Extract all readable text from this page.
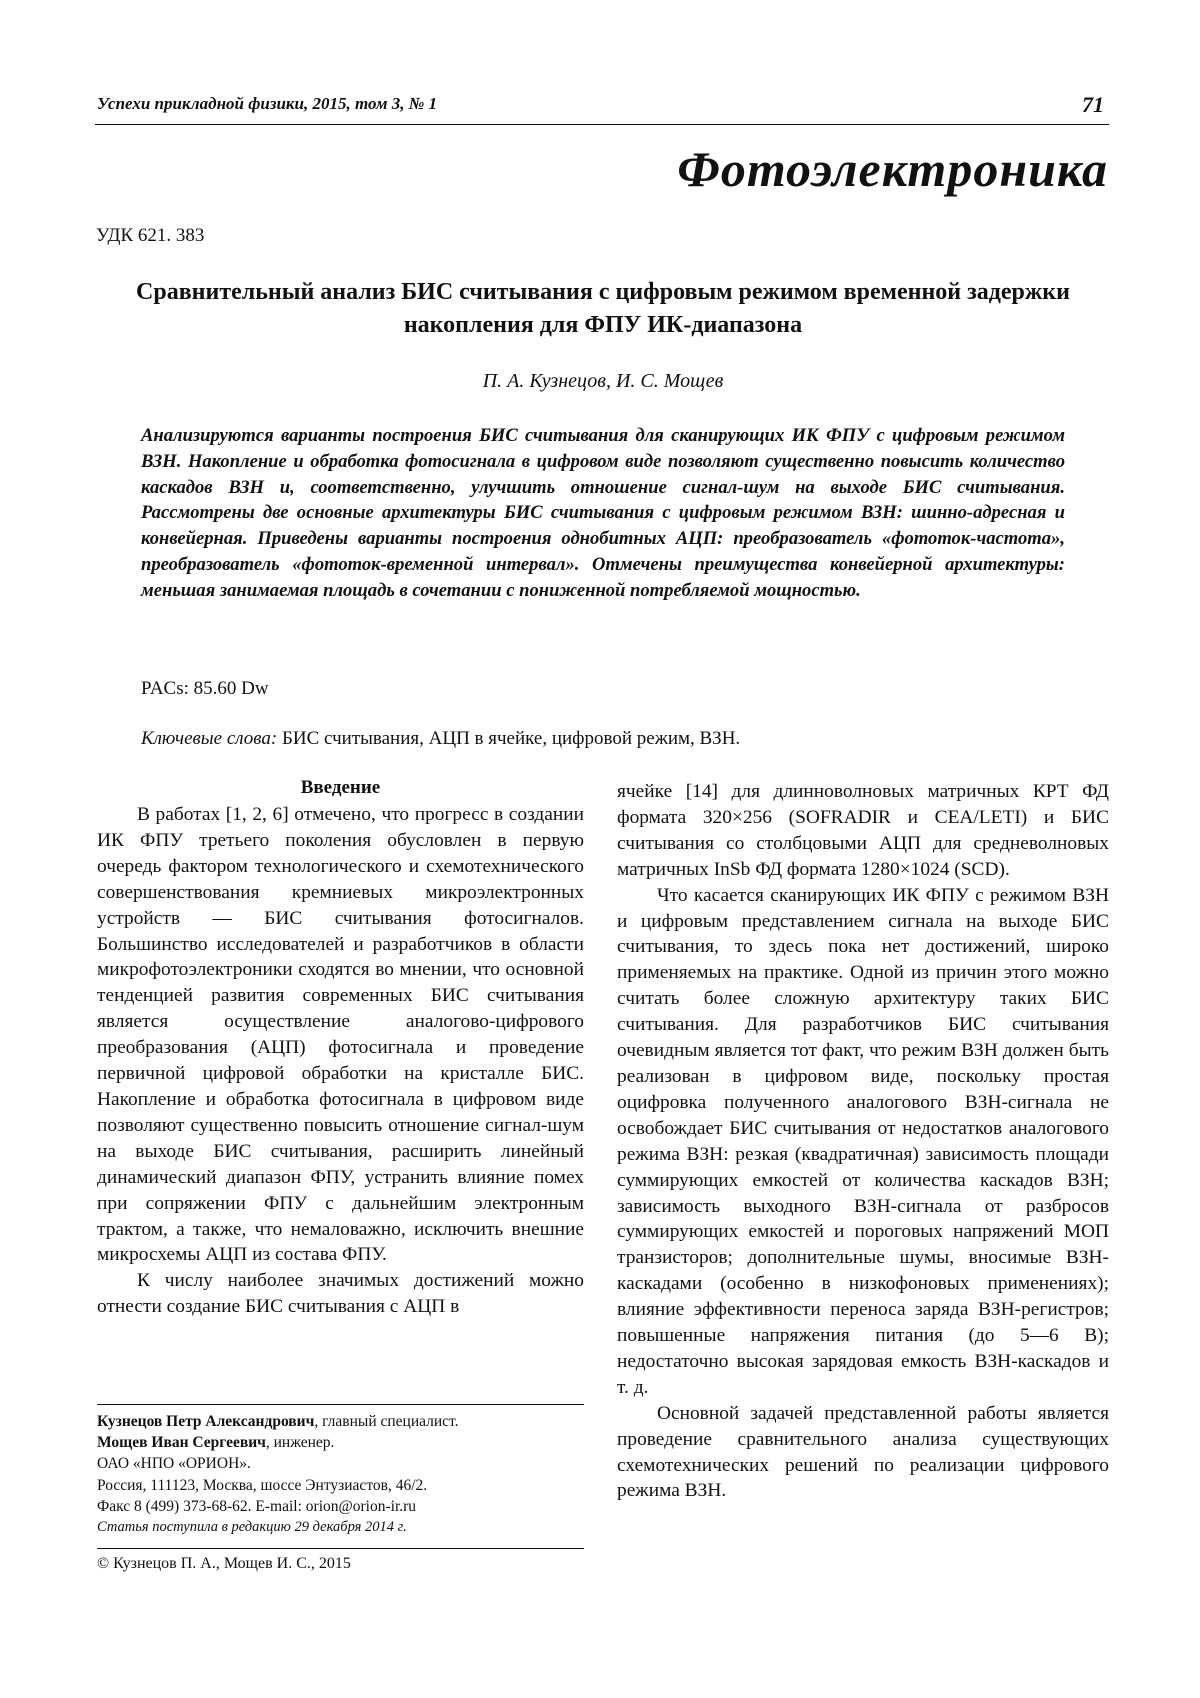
Успехи прикладной физики, 2015, том 3, № 1	71
Фотоэлектроника
УДК 621. 383
Сравнительный анализ БИС считывания с цифровым режимом временной задержки накопления для ФПУ ИК-диапазона
П. А. Кузнецов, И. С. Мощев
Анализируются варианты построения БИС считывания для сканирующих ИК ФПУ с цифровым режимом ВЗН. Накопление и обработка фотосигнала в цифровом виде позволяют существенно повысить количество каскадов ВЗН и, соответственно, улучшить отношение сигнал-шум на выходе БИС считывания. Рассмотрены две основные архитектуры БИС считывания с цифровым режимом ВЗН: шинно-адресная и конвейерная. Приведены варианты построения однобитных АЦП: преобразователь «фототок-частота», преобразователь «фототок-временной интервал». Отмечены преимущества конвейерной архитектуры: меньшая занимаемая площадь в сочетании с пониженной потребляемой мощностью.
PACs: 85.60 Dw
Ключевые слова: БИС считывания, АЦП в ячейке, цифровой режим, ВЗН.
Введение

В работах [1, 2, 6] отмечено, что прогресс в создании ИК ФПУ третьего поколения обусловлен в первую очередь фактором технологического и схемотехнического совершенствования кремниевых микроэлектронных устройств — БИС считывания фотосигналов. Большинство исследователей и разработчиков в области микрофотоэлектроники сходятся во мнении, что основной тенденцией развития современных БИС считывания является осуществление аналогово-цифрового преобразования (АЦП) фотосигнала и проведение первичной цифровой обработки на кристалле БИС. Накопление и обработка фотосигнала в цифровом виде позволяют существенно повысить отношение сигнал-шум на выходе БИС считывания, расширить линейный динамический диапазон ФПУ, устранить влияние помех при сопряжении ФПУ с дальнейшим электронным трактом, а также, что немаловажно, исключить внешние микросхемы АЦП из состава ФПУ.

К числу наиболее значимых достижений можно отнести создание БИС считывания с АЦП в

ячейке [14] для длинноволновых матричных КРТ ФД формата 320×256 (SOFRADIR и CEA/LETI) и БИС считывания со столбцовыми АЦП для средневолновых матричных InSb ФД формата 1280×1024 (SCD).

Что касается сканирующих ИК ФПУ с режимом ВЗН и цифровым представлением сигнала на выходе БИС считывания, то здесь пока нет достижений, широко применяемых на практике. Одной из причин этого можно считать более сложную архитектуру таких БИС считывания. Для разработчиков БИС считывания очевидным является тот факт, что режим ВЗН должен быть реализован в цифровом виде, поскольку простая оцифровка полученного аналогового ВЗН-сигнала не освобождает БИС считывания от недостатков аналогового режима ВЗН: резкая (квадратичная) зависимость площади суммирующих емкостей от количества каскадов ВЗН; зависимость выходного ВЗН-сигнала от разбросов суммирующих емкостей и пороговых напряжений МОП транзисторов; дополнительные шумы, вносимые ВЗН-каскадами (особенно в низкофоновых применениях); влияние эффективности переноса заряда ВЗН-регистров; повышенные напряжения питания (до 5—6 В); недостаточно высокая зарядовая емкость ВЗН-каскадов и т. д.

Основной задачей представленной работы является проведение сравнительного анализа существующих схемотехнических решений по реализации цифрового режима ВЗН.

Кузнецов Петр Александрович, главный специалист.
Мощев Иван Сергеевич, инженер.
ОАО «НПО «ОРИОН».
Россия, 111123, Москва, шоссе Энтузиастов, 46/2.
Факс 8 (499) 373-68-62. E-mail: orion@orion-ir.ru
Статья поступила в редакцию 29 декабря 2014 г.
© Кузнецов П. А., Мощев И. С., 2015
